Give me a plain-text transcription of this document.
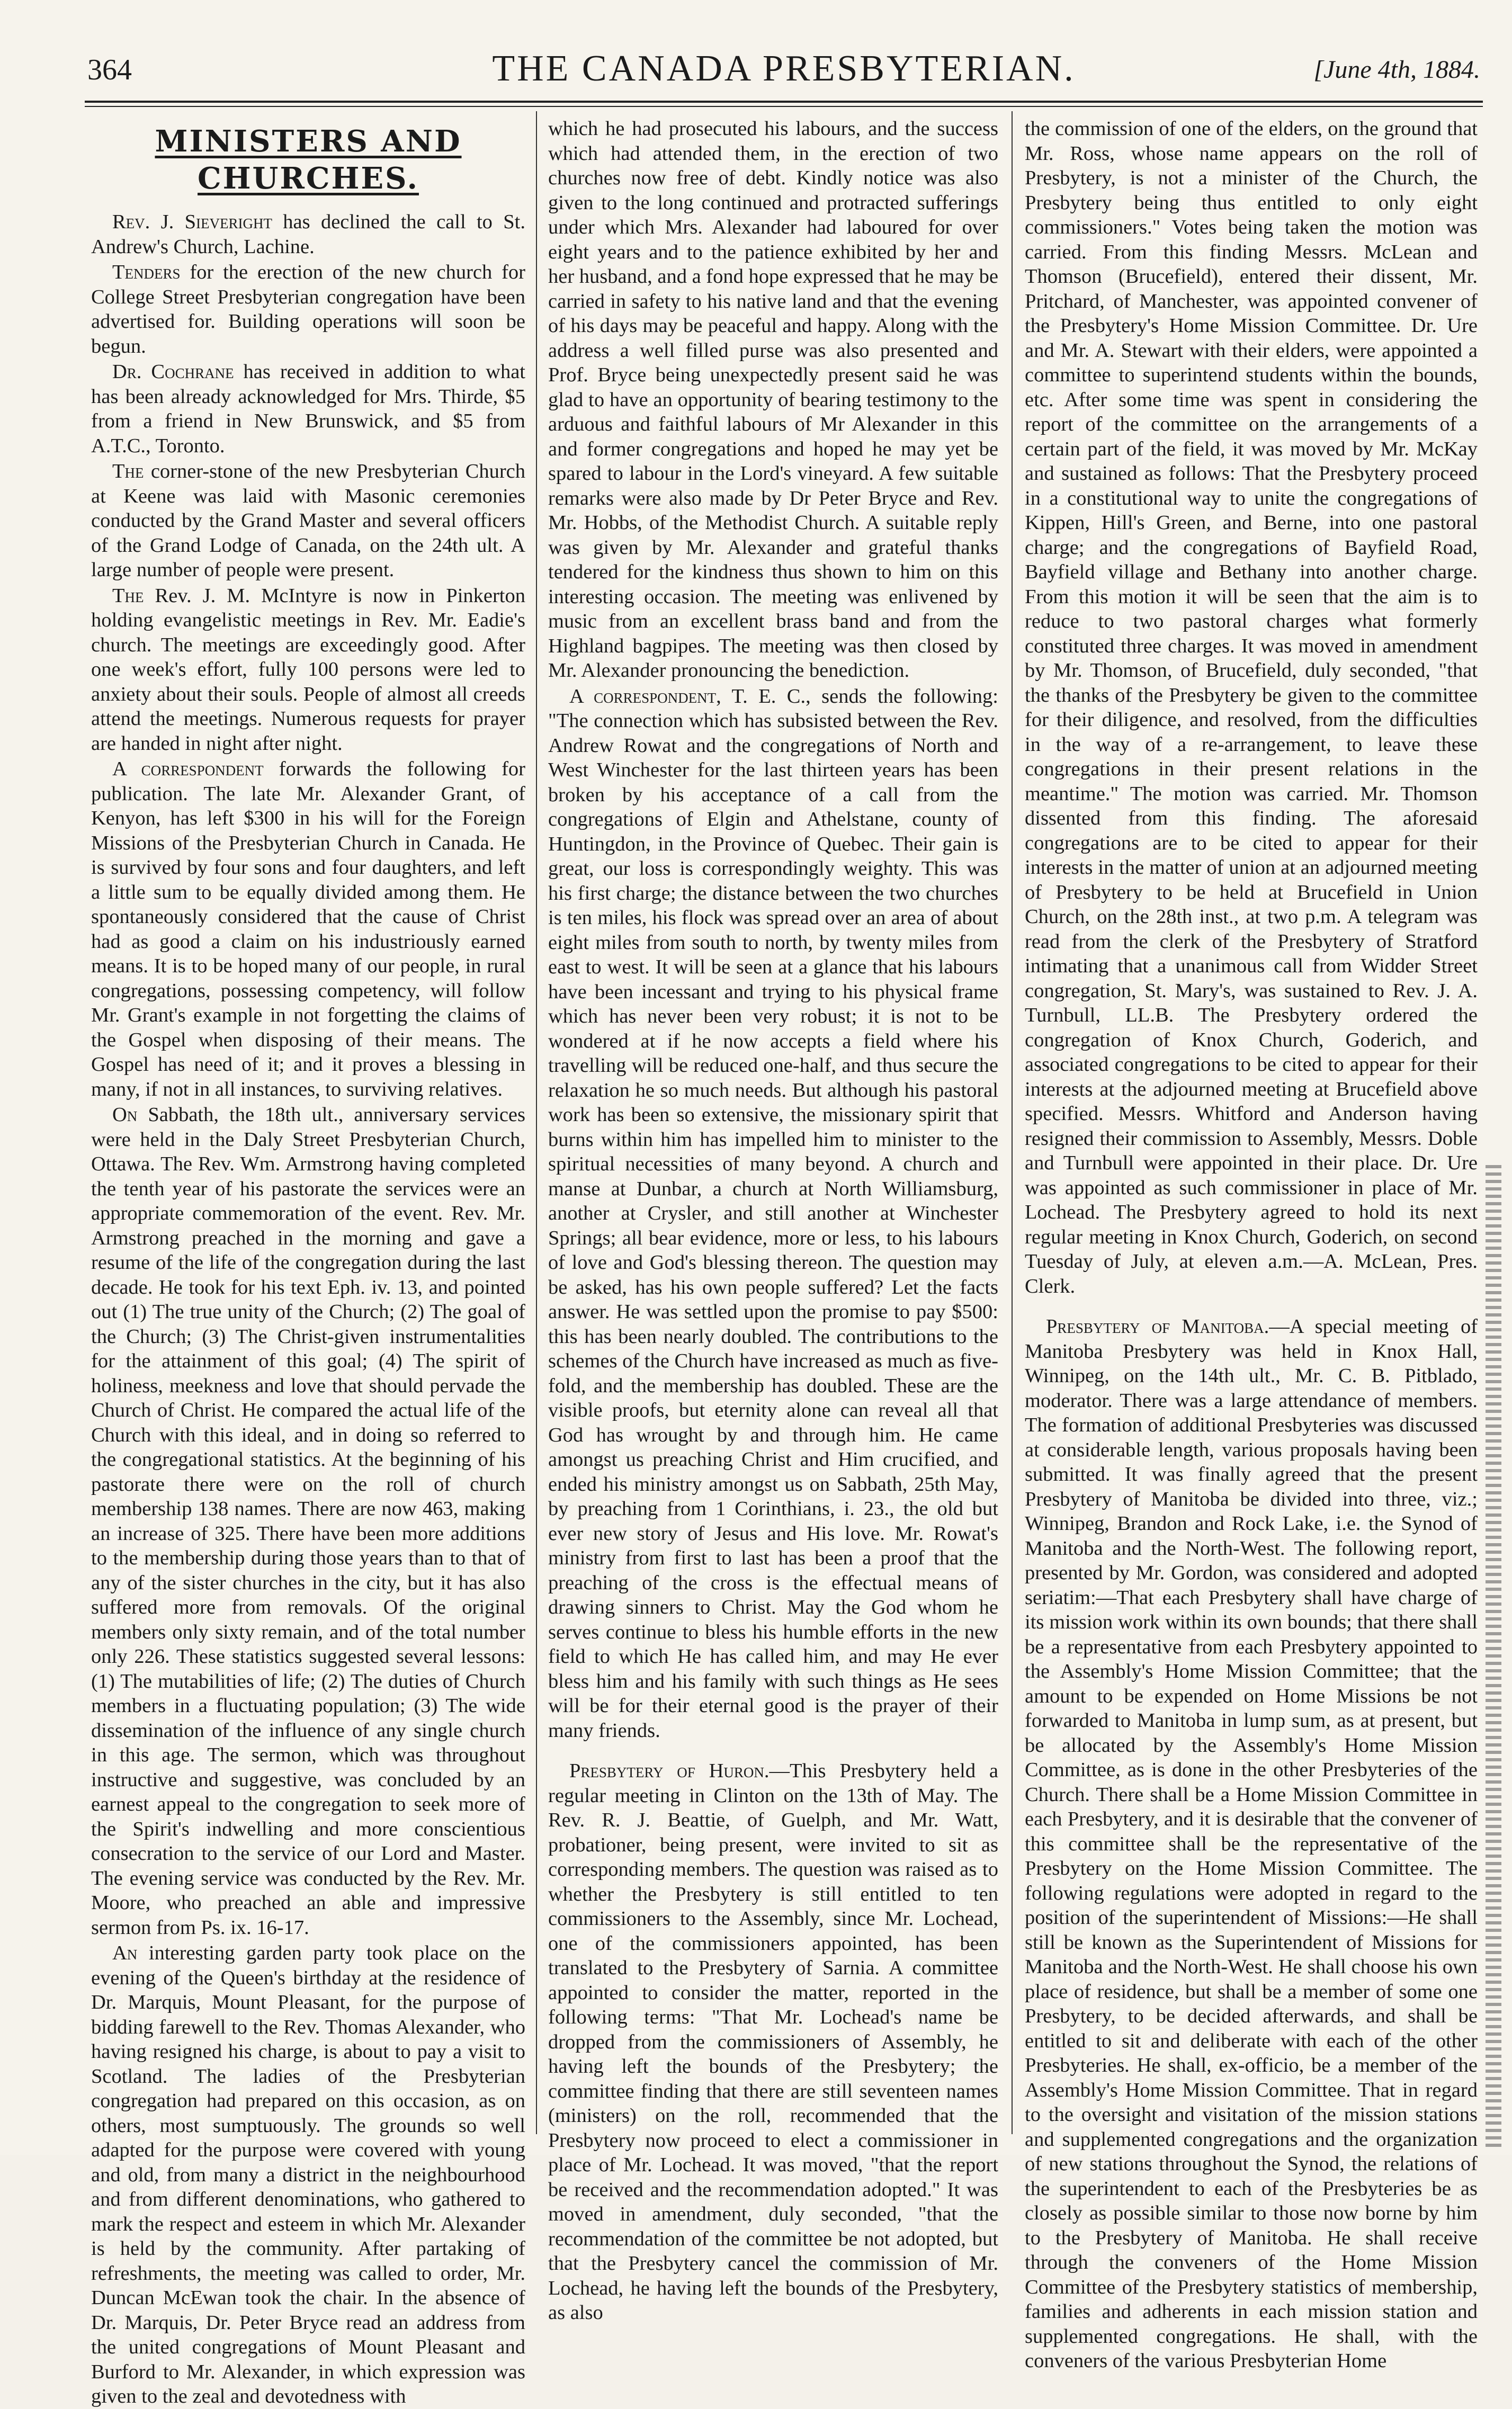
364	THE CANADA PRESBYTERIAN.	[June 4th, 1884.
MINISTERS AND CHURCHES.

Rev. J. Sieveright has declined the call to St. Andrew's Church, Lachine.

Tenders for the erection of the new church for College Street Presbyterian congregation have been advertised for. Building operations will soon be begun.

Dr. Cochrane has received in addition to what has been already acknowledged for Mrs. Thirde, $5 from a friend in New Brunswick, and $5 from A.T.C., Toronto.

The corner-stone of the new Presbyterian Church at Keene was laid with Masonic ceremonies conducted by the Grand Master and several officers of the Grand Lodge of Canada, on the 24th ult. A large number of people were present.

The Rev. J. M. McIntyre is now in Pinkerton holding evangelistic meetings in Rev. Mr. Eadie's church. The meetings are exceedingly good. After one week's effort, fully 100 persons were led to anxiety about their souls. People of almost all creeds attend the meetings. Numerous requests for prayer are handed in night after night.

A correspondent forwards the following for publication. The late Mr. Alexander Grant, of Kenyon, has left $300 in his will for the Foreign Missions of the Presbyterian Church in Canada. He is survived by four sons and four daughters, and left a little sum to be equally divided among them. He spontaneously considered that the cause of Christ had as good a claim on his industriously earned means. It is to be hoped many of our people, in rural congregations, possessing competency, will follow Mr. Grant's example in not forgetting the claims of the Gospel when disposing of their means. The Gospel has need of it; and it proves a blessing in many, if not in all instances, to surviving relatives.

On Sabbath, the 18th ult., anniversary services were held in the Daly Street Presbyterian Church, Ottawa. The Rev. Wm. Armstrong having completed the tenth year of his pastorate the services were an appropriate commemoration of the event. Rev. Mr. Armstrong preached in the morning and gave a resume of the life of the congregation during the last decade. He took for his text Eph. iv. 13, and pointed out (1) The true unity of the Church; (2) The goal of the Church; (3) The Christ-given instrumentalities for the attainment of this goal; (4) The spirit of holiness, meekness and love that should pervade the Church of Christ. He compared the actual life of the Church with this ideal, and in doing so referred to the congregational statistics. At the beginning of his pastorate there were on the roll of church membership 138 names. There are now 463, making an increase of 325. There have been more additions to the membership during those years than to that of any of the sister churches in the city, but it has also suffered more from removals. Of the original members only sixty remain, and of the total number only 226. These statistics suggested several lessons: (1) The mutabilities of life; (2) The duties of Church members in a fluctuating population; (3) The wide dissemination of the influence of any single church in this age. The sermon, which was throughout instructive and suggestive, was concluded by an earnest appeal to the congregation to seek more of the Spirit's indwelling and more conscientious consecration to the service of our Lord and Master. The evening service was conducted by the Rev. Mr. Moore, who preached an able and impressive sermon from Ps. ix. 16-17.

An interesting garden party took place on the evening of the Queen's birthday at the residence of Dr. Marquis, Mount Pleasant, for the purpose of bidding farewell to the Rev. Thomas Alexander, who having resigned his charge, is about to pay a visit to Scotland. The ladies of the Presbyterian congregation had prepared on this occasion, as on others, most sumptuously. The grounds so well adapted for the purpose were covered with young and old, from many a district in the neighbourhood and from different denominations, who gathered to mark the respect and esteem in which Mr. Alexander is held by the community. After partaking of refreshments, the meeting was called to order, Mr. Duncan McEwan took the chair. In the absence of Dr. Marquis, Dr. Peter Bryce read an address from the united congregations of Mount Pleasant and Burford to Mr. Alexander, in which expression was given to the zeal and devotedness with

which he had prosecuted his labours, and the success which had attended them, in the erection of two churches now free of debt. Kindly notice was also given to the long continued and protracted sufferings under which Mrs. Alexander had laboured for over eight years and to the patience exhibited by her and her husband, and a fond hope expressed that he may be carried in safety to his native land and that the evening of his days may be peaceful and happy. Along with the address a well filled purse was also presented and Prof. Bryce being unexpectedly present said he was glad to have an opportunity of bearing testimony to the arduous and faithful labours of Mr Alexander in this and former congregations and hoped he may yet be spared to labour in the Lord's vineyard. A few suitable remarks were also made by Dr Peter Bryce and Rev. Mr. Hobbs, of the Methodist Church. A suitable reply was given by Mr. Alexander and grateful thanks tendered for the kindness thus shown to him on this interesting occasion. The meeting was enlivened by music from an excellent brass band and from the Highland bagpipes. The meeting was then closed by Mr. Alexander pronouncing the benediction.

A correspondent, T. E. C., sends the following: "The connection which has subsisted between the Rev. Andrew Rowat and the congregations of North and West Winchester for the last thirteen years has been broken by his acceptance of a call from the congregations of Elgin and Athelstane, county of Huntingdon, in the Province of Quebec. Their gain is great, our loss is correspondingly weighty. This was his first charge; the distance between the two churches is ten miles, his flock was spread over an area of about eight miles from south to north, by twenty miles from east to west. It will be seen at a glance that his labours have been incessant and trying to his physical frame which has never been very robust; it is not to be wondered at if he now accepts a field where his travelling will be reduced one-half, and thus secure the relaxation he so much needs. But although his pastoral work has been so extensive, the missionary spirit that burns within him has impelled him to minister to the spiritual necessities of many beyond. A church and manse at Dunbar, a church at North Williamsburg, another at Crysler, and still another at Winchester Springs; all bear evidence, more or less, to his labours of love and God's blessing thereon. The question may be asked, has his own people suffered? Let the facts answer. He was settled upon the promise to pay $500: this has been nearly doubled. The contributions to the schemes of the Church have increased as much as five-fold, and the membership has doubled. These are the visible proofs, but eternity alone can reveal all that God has wrought by and through him. He came amongst us preaching Christ and Him crucified, and ended his ministry amongst us on Sabbath, 25th May, by preaching from 1 Corinthians, i. 23., the old but ever new story of Jesus and His love. Mr. Rowat's ministry from first to last has been a proof that the preaching of the cross is the effectual means of drawing sinners to Christ. May the God whom he serves continue to bless his humble efforts in the new field to which He has called him, and may He ever bless him and his family with such things as He sees will be for their eternal good is the prayer of their many friends.

Presbytery of Huron.—This Presbytery held a regular meeting in Clinton on the 13th of May. The Rev. R. J. Beattie, of Guelph, and Mr. Watt, probationer, being present, were invited to sit as corresponding members. The question was raised as to whether the Presbytery is still entitled to ten commissioners to the Assembly, since Mr. Lochead, one of the commissioners appointed, has been translated to the Presbytery of Sarnia. A committee appointed to consider the matter, reported in the following terms: "That Mr. Lochead's name be dropped from the commissioners of Assembly, he having left the bounds of the Presbytery; the committee finding that there are still seventeen names (ministers) on the roll, recommended that the Presbytery now proceed to elect a commissioner in place of Mr. Lochead. It was moved, "that the report be received and the recommendation adopted." It was moved in amendment, duly seconded, "that the recommendation of the committee be not adopted, but that the Presbytery cancel the commission of Mr. Lochead, he having left the bounds of the Presbytery, as also

the commission of one of the elders, on the ground that Mr. Ross, whose name appears on the roll of Presbytery, is not a minister of the Church, the Presbytery being thus entitled to only eight commissioners." Votes being taken the motion was carried. From this finding Messrs. McLean and Thomson (Brucefield), entered their dissent, Mr. Pritchard, of Manchester, was appointed convener of the Presbytery's Home Mission Committee. Dr. Ure and Mr. A. Stewart with their elders, were appointed a committee to superintend students within the bounds, etc. After some time was spent in considering the report of the committee on the arrangements of a certain part of the field, it was moved by Mr. McKay and sustained as follows: That the Presbytery proceed in a constitutional way to unite the congregations of Kippen, Hill's Green, and Berne, into one pastoral charge; and the congregations of Bayfield Road, Bayfield village and Bethany into another charge. From this motion it will be seen that the aim is to reduce to two pastoral charges what formerly constituted three charges. It was moved in amendment by Mr. Thomson, of Brucefield, duly seconded, "that the thanks of the Presbytery be given to the committee for their diligence, and resolved, from the difficulties in the way of a re-arrangement, to leave these congregations in their present relations in the meantime." The motion was carried. Mr. Thomson dissented from this finding. The aforesaid congregations are to be cited to appear for their interests in the matter of union at an adjourned meeting of Presbytery to be held at Brucefield in Union Church, on the 28th inst., at two p.m. A telegram was read from the clerk of the Presbytery of Stratford intimating that a unanimous call from Widder Street congregation, St. Mary's, was sustained to Rev. J. A. Turnbull, LL.B. The Presbytery ordered the congregation of Knox Church, Goderich, and associated congregations to be cited to appear for their interests at the adjourned meeting at Brucefield above specified. Messrs. Whitford and Anderson having resigned their commission to Assembly, Messrs. Doble and Turnbull were appointed in their place. Dr. Ure was appointed as such commissioner in place of Mr. Lochead. The Presbytery agreed to hold its next regular meeting in Knox Church, Goderich, on second Tuesday of July, at eleven a.m.—A. McLean, Pres. Clerk.

Presbytery of Manitoba.—A special meeting of Manitoba Presbytery was held in Knox Hall, Winnipeg, on the 14th ult., Mr. C. B. Pitblado, moderator. There was a large attendance of members. The formation of additional Presbyteries was discussed at considerable length, various proposals having been submitted. It was finally agreed that the present Presbytery of Manitoba be divided into three, viz.; Winnipeg, Brandon and Rock Lake, i.e. the Synod of Manitoba and the North-West. The following report, presented by Mr. Gordon, was considered and adopted seriatim:—That each Presbytery shall have charge of its mission work within its own bounds; that there shall be a representative from each Presbytery appointed to the Assembly's Home Mission Committee; that the amount to be expended on Home Missions be not forwarded to Manitoba in lump sum, as at present, but be allocated by the Assembly's Home Mission Committee, as is done in the other Presbyteries of the Church. There shall be a Home Mission Committee in each Presbytery, and it is desirable that the convener of this committee shall be the representative of the Presbytery on the Home Mission Committee. The following regulations were adopted in regard to the position of the superintendent of Missions:—He shall still be known as the Superintendent of Missions for Manitoba and the North-West. He shall choose his own place of residence, but shall be a member of some one Presbytery, to be decided afterwards, and shall be entitled to sit and deliberate with each of the other Presbyteries. He shall, ex-officio, be a member of the Assembly's Home Mission Committee. That in regard to the oversight and visitation of the mission stations and supplemented congregations and the organization of new stations throughout the Synod, the relations of the superintendent to each of the Presbyteries be as closely as possible similar to those now borne by him to the Presbytery of Manitoba. He shall receive through the conveners of the Home Mission Committee of the Presbytery statistics of membership, families and adherents in each mission station and supplemented congregations. He shall, with the conveners of the various Presbyterian Home
